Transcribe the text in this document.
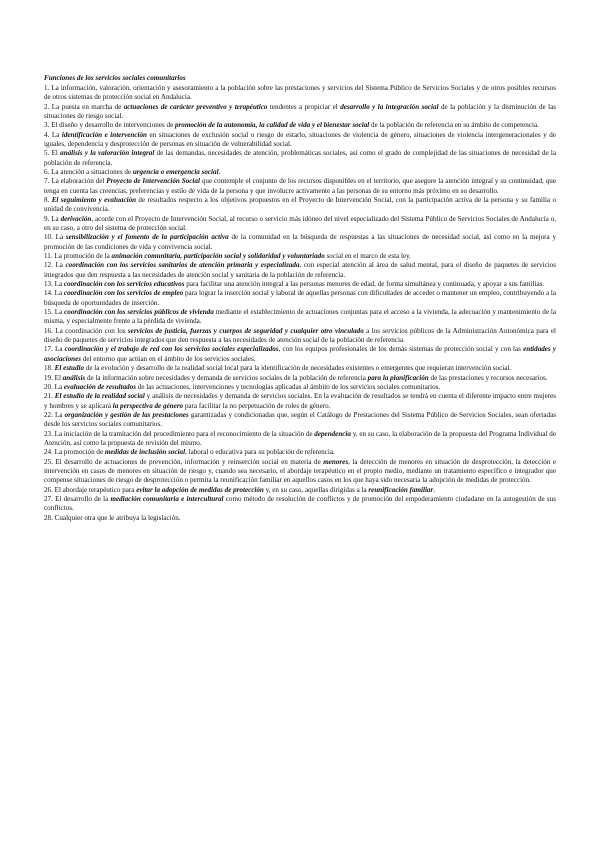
Funciones de los servicios sociales comunitarios
1. La información, valoración, orientación y asesoramiento a la población sobre las prestaciones y servicios del Sistema Público de Servicios Sociales y de otros posibles recursos de otros sistemas de protección social en Andalucía.
2. La puesta en marcha de actuaciones de carácter preventivo y terapéutico tendentes a propiciar el desarrollo y la integración social de la población y la disminución de las situaciones de riesgo social.
3. El diseño y desarrollo de intervenciones de promoción de la autonomía, la calidad de vida y el bienestar social de la población de referencia en su ámbito de competencia.
4. La identificación e intervención en situaciones de exclusión social o riesgo de estarlo, situaciones de violencia de género, situaciones de violencia intergeneracionales y de iguales, dependencia y desprotección de personas en situación de vulnerabilidad social.
5. El análisis y la valoración integral de las demandas, necesidades de atención, problemáticas sociales, así como el grado de complejidad de las situaciones de necesidad de la población de referencia.
6. La atención a situaciones de urgencia o emergencia social.
7. La elaboración del Proyecto de Intervención Social que contemple el conjunto de los recursos disponibles en el territorio, que asegure la atención integral y su continuidad, que tenga en cuenta las creencias, preferencias y estilo de vida de la persona y que involucre activamente a las personas de su entorno más próximo en su desarrollo.
8. El seguimiento y evaluación de resultados respecto a los objetivos propuestos en el Proyecto de Intervención Social, con la participación activa de la persona y su familia o unidad de convivencia.
9. La derivación, acorde con el Proyecto de Intervención Social, al recurso o servicio más idóneo del nivel especializado del Sistema Público de Servicios Sociales de Andalucía o, en su caso, a otro del sistema de protección social.
10. La sensibilización y el fomento de la participación activa de la comunidad en la búsqueda de respuestas a las situaciones de necesidad social, así como en la mejora y promoción de las condiciones de vida y convivencia social.
11. La promoción de la animación comunitaria, participación social y solidaridad y voluntariado social en el marco de esta ley.
12. La coordinación con los servicios sanitarios de atención primaria y especializada, con especial atención al área de salud mental, para el diseño de paquetes de servicios integrados que den respuesta a las necesidades de atención social y sanitaria de la población de referencia.
13. La coordinación con los servicios educativos para facilitar una atención integral a las personas menores de edad, de forma simultánea y continuada, y apoyar a sus familias.
14. La coordinación con los servicios de empleo para lograr la inserción social y laboral de aquellas personas con dificultades de acceder o mantener un empleo, contribuyendo a la búsqueda de oportunidades de inserción.
15. La coordinación con los servicios públicos de vivienda mediante el establecimiento de actuaciones conjuntas para el acceso a la vivienda, la adecuación y mantenimiento de la misma, y especialmente frente a la pérdida de vivienda.
16. La coordinación con los servicios de justicia, fuerzas y cuerpos de seguridad y cualquier otro vinculado a los servicios públicos de la Administración Autonómica para el diseño de paquetes de servicios integrados que den respuesta a las necesidades de atención social de la población de referencia.
17. La coordinación y el trabajo de red con los servicios sociales especializados, con los equipos profesionales de los demás sistemas de protección social y con las entidades y asociaciones del entorno que actúan en el ámbito de los servicios sociales.
18. El estudio de la evolución y desarrollo de la realidad social local para la identificación de necesidades existentes o emergentes que requieran intervención social.
19. El análisis de la información sobre necesidades y demanda de servicios sociales de la población de referencia para la planificación de las prestaciones y recursos necesarios.
20. La evaluación de resultados de las actuaciones, intervenciones y tecnologías aplicadas al ámbito de los servicios sociales comunitarios.
21. El estudio de la realidad social y análisis de necesidades y demanda de servicios sociales. En la evaluación de resultados se tendrá en cuenta el diferente impacto entre mujeres y hombres y se aplicará la perspectiva de género para facilitar la no perpetuación de roles de género.
22. La organización y gestión de las prestaciones garantizadas y condicionadas que, según el Catálogo de Prestaciones del Sistema Público de Servicios Sociales, sean ofertadas desde los servicios sociales comunitarios.
23. La iniciación de la tramitación del procedimiento para el reconocimiento de la situación de dependencia y, en su caso, la elaboración de la propuesta del Programa Individual de Atención, así como la propuesta de revisión del mismo.
24. La promoción de medidas de inclusión social, laboral o educativa para su población de referencia.
25. El desarrollo de actuaciones de prevención, información y reinserción social en materia de menores, la detección de menores en situación de desprotección, la detección e intervención en casos de menores en situación de riesgo y, cuando sea necesario, el abordaje terapéutico en el propio medio, mediante un tratamiento específico e integrador que compense situaciones de riesgo de desprotección o permita la reunificación familiar en aquellos casos en los que haya sido necesaria la adopción de medidas de protección.
26. El abordaje terapéutico para evitar la adopción de medidas de protección y, en su caso, aquellas dirigidas a la reunificación familiar.
27. El desarrollo de la mediación comunitaria e intercultural como método de resolución de conflictos y de promoción del empoderamiento ciudadano en la autogestión de sus conflictos.
28. Cualquier otra que le atribuya la legislación.
